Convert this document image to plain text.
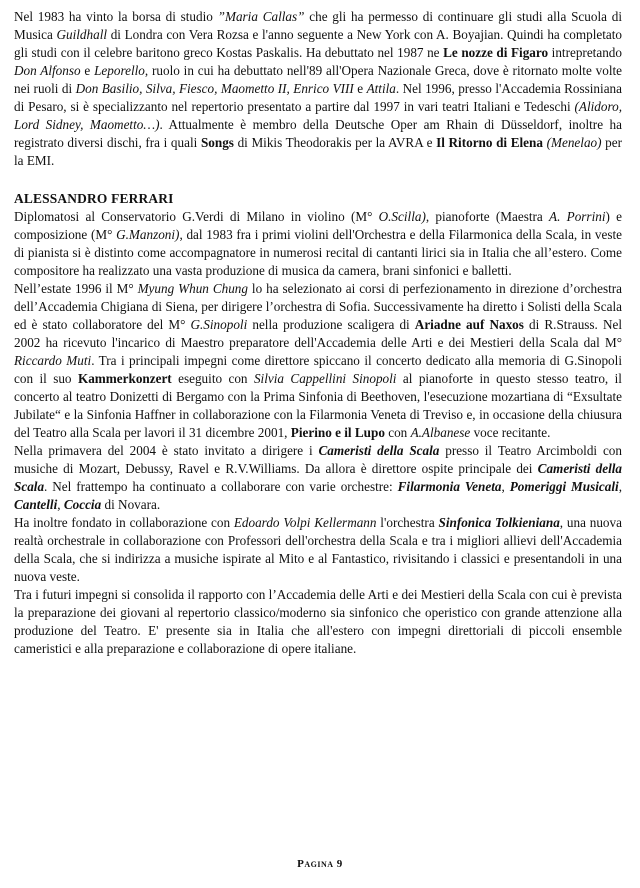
Nel 1983 ha vinto la borsa di studio ”Maria Callas” che gli ha permesso di continuare gli studi alla Scuola di Musica Guildhall di Londra con Vera Rozsa e l'anno seguente a New York con A. Boyajian. Quindi ha completato gli studi con il celebre baritono greco Kostas Paskalis. Ha debuttato nel 1987 ne Le nozze di Figaro intrepretando Don Alfonso e Leporello, ruolo in cui ha debuttato nell'89 all'Opera Nazionale Greca, dove è ritornato molte volte nei ruoli di Don Basilio, Silva, Fiesco, Maometto II, Enrico VIII e Attila. Nel 1996, presso l'Accademia Rossiniana di Pesaro, si è specializzanto nel repertorio presentato a partire dal 1997 in vari teatri Italiani e Tedeschi (Alidoro, Lord Sidney, Maometto…). Attualmente è membro della Deutsche Oper am Rhain di Düsseldorf, inoltre ha registrato diversi dischi, fra i quali Songs di Mikis Theodorakis per la AVRA e Il Ritorno di Elena (Menelao) per la EMI.

ALESSANDRO FERRARI

Diplomatosi al Conservatorio G.Verdi di Milano in violino (M° O.Scilla), pianoforte (Maestra A. Porrini) e composizione (M° G.Manzoni), dal 1983 fra i primi violini dell'Orchestra e della Filarmonica della Scala, in veste di pianista si è distinto come accompagnatore in numerosi recital di cantanti lirici sia in Italia che all’estero. Come compositore ha realizzato una vasta produzione di musica da camera, brani sinfonici e balletti.

Nell’estate 1996 il M° Myung Whun Chung lo ha selezionato ai corsi di perfezionamento in direzione d’orchestra dell’Accademia Chigiana di Siena, per dirigere l’orchestra di Sofia. Successivamente ha diretto i Solisti della Scala ed è stato collaboratore del M° G.Sinopoli nella produzione scaligera di Ariadne auf Naxos di R.Strauss. Nel 2002 ha ricevuto l'incarico di Maestro preparatore dell'Accademia delle Arti e dei Mestieri della Scala dal M° Riccardo Muti. Tra i principali impegni come direttore spiccano il concerto dedicato alla memoria di G.Sinopoli con il suo Kammerkonzert eseguito con Silvia Cappellini Sinopoli al pianoforte in questo stesso teatro, il concerto al teatro Donizetti di Bergamo con la Prima Sinfonia di Beethoven, l'esecuzione mozartiana di “Exsultate Jubilate“ e la Sinfonia Haffner in collaborazione con la Filarmonia Veneta di Treviso e, in occasione della chiusura del Teatro alla Scala per lavori il 31 dicembre 2001, Pierino e il Lupo con A.Albanese voce recitante.

Nella primavera del 2004 è stato invitato a dirigere i Cameristi della Scala presso il Teatro Arcimboldi con musiche di Mozart, Debussy, Ravel e R.V.Williams. Da allora è direttore ospite principale dei Cameristi della Scala. Nel frattempo ha continuato a collaborare con varie orchestre: Filarmonia Veneta, Pomeriggi Musicali, Cantelli, Coccia di Novara.

Ha inoltre fondato in collaborazione con Edoardo Volpi Kellermann l'orchestra Sinfonica Tolkieniana, una nuova realtà orchestrale in collaborazione con Professori dell'orchestra della Scala e tra i migliori allievi dell'Accademia della Scala, che si indirizza a musiche ispirate al Mito e al Fantastico, rivisitando i classici e presentandoli in una nuova veste.

Tra i futuri impegni si consolida il rapporto con l’Accademia delle Arti e dei Mestieri della Scala con cui è prevista la preparazione dei giovani al repertorio classico/moderno sia sinfonico che operistico con grande attenzione alla produzione del Teatro. E' presente sia in Italia che all'estero con impegni direttoriali di piccoli ensemble cameristici e alla preparazione e collaborazione di opere italiane.

Pagina 9
